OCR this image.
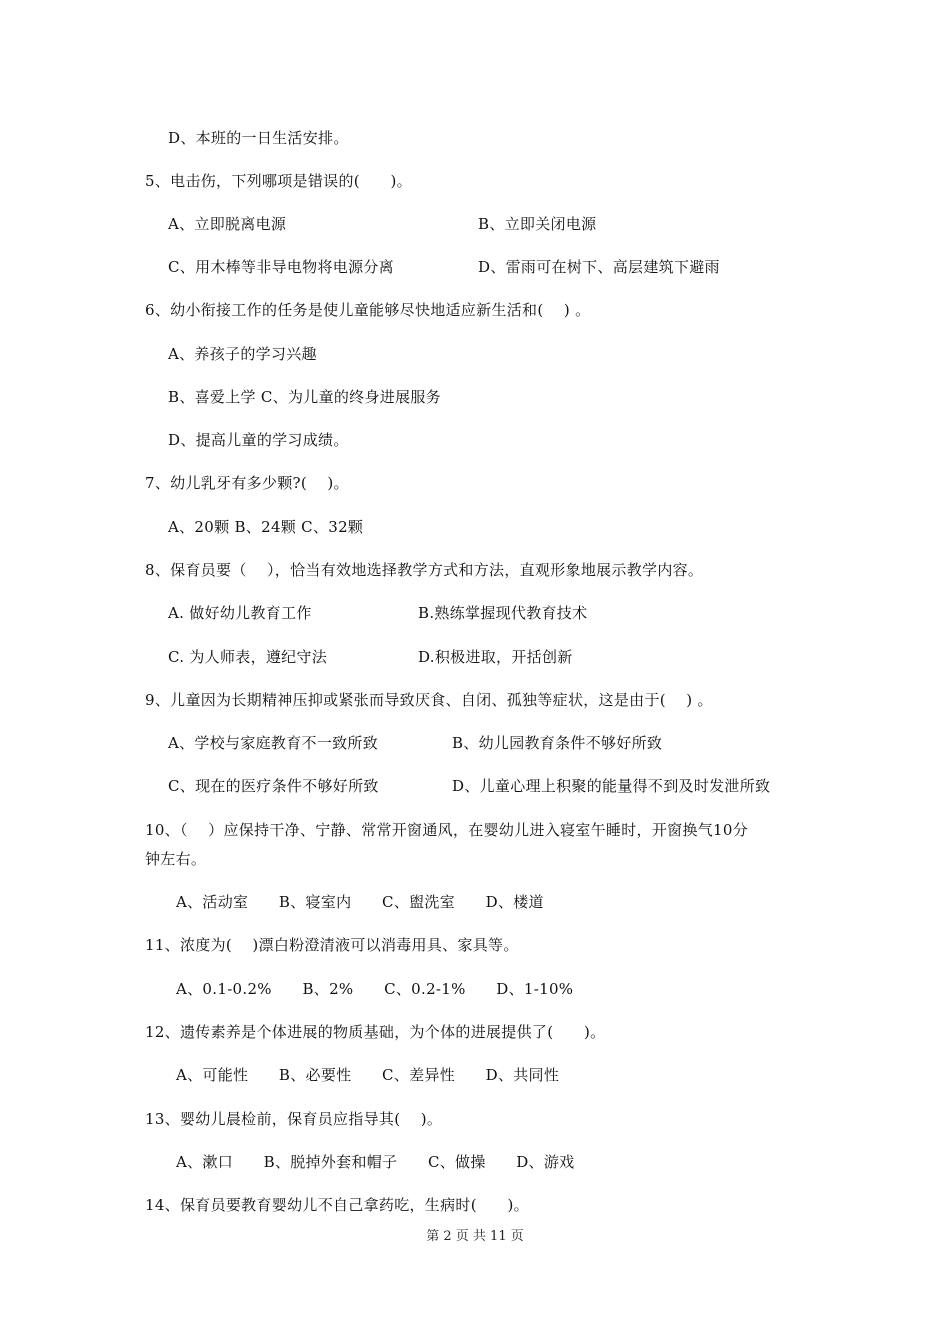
D、本班的一日生活安排。
5、电击伤，下列哪项是错误的(　　)。
A、立即脱离电源	B、立即关闭电源
C、用木棒等非导电物将电源分离	D、雷雨可在树下、高层建筑下避雨
6、幼小衔接工作的任务是使儿童能够尽快地适应新生活和(　 ) 。
A、养孩子的学习兴趣
B、喜爱上学 C、为儿童的终身进展服务
D、提高儿童的学习成绩。
7、幼儿乳牙有多少颗?(　 )。
A、20颗 B、24颗 C、32颗
8、保育员要（　 ），恰当有效地选择教学方式和方法，直观形象地展示教学内容。
A. 做好幼儿教育工作	B.熟练掌握现代教育技术
C. 为人师表，遵纪守法	D.积极进取，开括创新
9、儿童因为长期精神压抑或紧张而导致厌食、自闭、孤独等症状，这是由于(　 ) 。
A、学校与家庭教育不一致所致	B、幼儿园教育条件不够好所致
C、现在的医疗条件不够好所致	D、儿童心理上积聚的能量得不到及时发泄所致
10、（　 ）应保持干净、宁静、常常开窗通风，在婴幼儿进入寝室午睡时，开窗换气10分
钟左右。
A、活动室　　B、寝室内　　C、盥洗室　　D、楼道
11、浓度为(　 )漂白粉澄清液可以消毒用具、家具等。
A、0.1-0.2%　　B、2%　　C、0.2-1%　　D、1-10%
12、遗传素养是个体进展的物质基础，为个体的进展提供了(　　)。
A、可能性　　B、必要性　　C、差异性　　D、共同性
13、婴幼儿晨检前，保育员应指导其(　 )。
A、漱口　　B、脱掉外套和帽子　　C、做操　　D、游戏
14、保育员要教育婴幼儿不自己拿药吃，生病时(　　)。
第 2 页 共 11 页
